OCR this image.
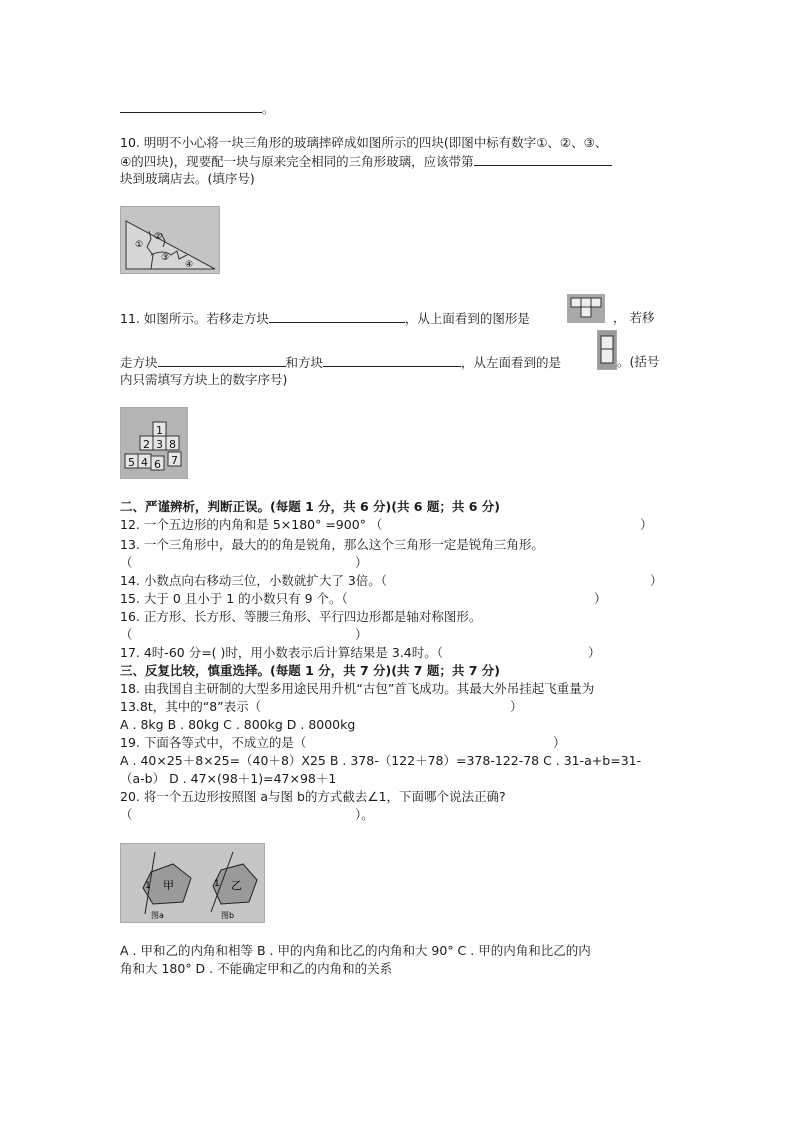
。
10. 明明不小心将一块三角形的玻璃摔碎成如图所示的四块(即图中标有数字①、②、③、
④的四块)，现要配一块与原来完全相同的三角形玻璃，应该带第
块到玻璃店去。(填序号)
①
②
③
④
11. 如图所示。若移走方块	，从上面看到的图形是	， 若移
走方块	和方块	，从左面看到的是	。(括号
内只需填写方块上的数字序号)
1
2 3 8
5 4 6 7
二、严谨辨析，判断正误。(每题 1 分，共 6 分)(共 6 题；共 6 分)
12. 一个五边形的内角和是 5×180° =900° （	）
13. 一个三角形中，最大的的角是锐角，那么这个三角形一定是锐角三角形。
（	）
14. 小数点向右移动三位，小数就扩大了 3倍。（	）
15. 大于 0 且小于 1 的小数只有 9 个。（	）
16. 正方形、长方形、等腰三角形、平行四边形都是轴对称图形。
（	）
17. 4时-60 分=( )时，用小数表示后计算结果是 3.4时。（	）
三、反复比较，慎重选择。(每题 1 分，共 7 分)(共 7 题；共 7 分)
18. 由我国自主研制的大型多用途民用升机“古包”首飞成功。其最大外吊挂起飞重量为
13.8t，其中的“8”表示（	）
A . 8kg B . 80kg C . 800kg D . 8000kg
19. 下面各等式中，不成立的是（	）
A . 40×25＋8×25=（40＋8）X25 B . 378-（122＋78）=378-122-78 C . 31-a+b=31-
（a-b） D . 47×(98＋1)=47×98＋1
20. 将一个五边形按照图 a与图 b的方式截去∠1，下面哪个说法正确?
（	）。
甲
1
图a
乙
1
图b
A . 甲和乙的内角和相等 B . 甲的内角和比乙的内角和大 90° C . 甲的内角和比乙的内
角和大 180° D . 不能确定甲和乙的内角和的关系
